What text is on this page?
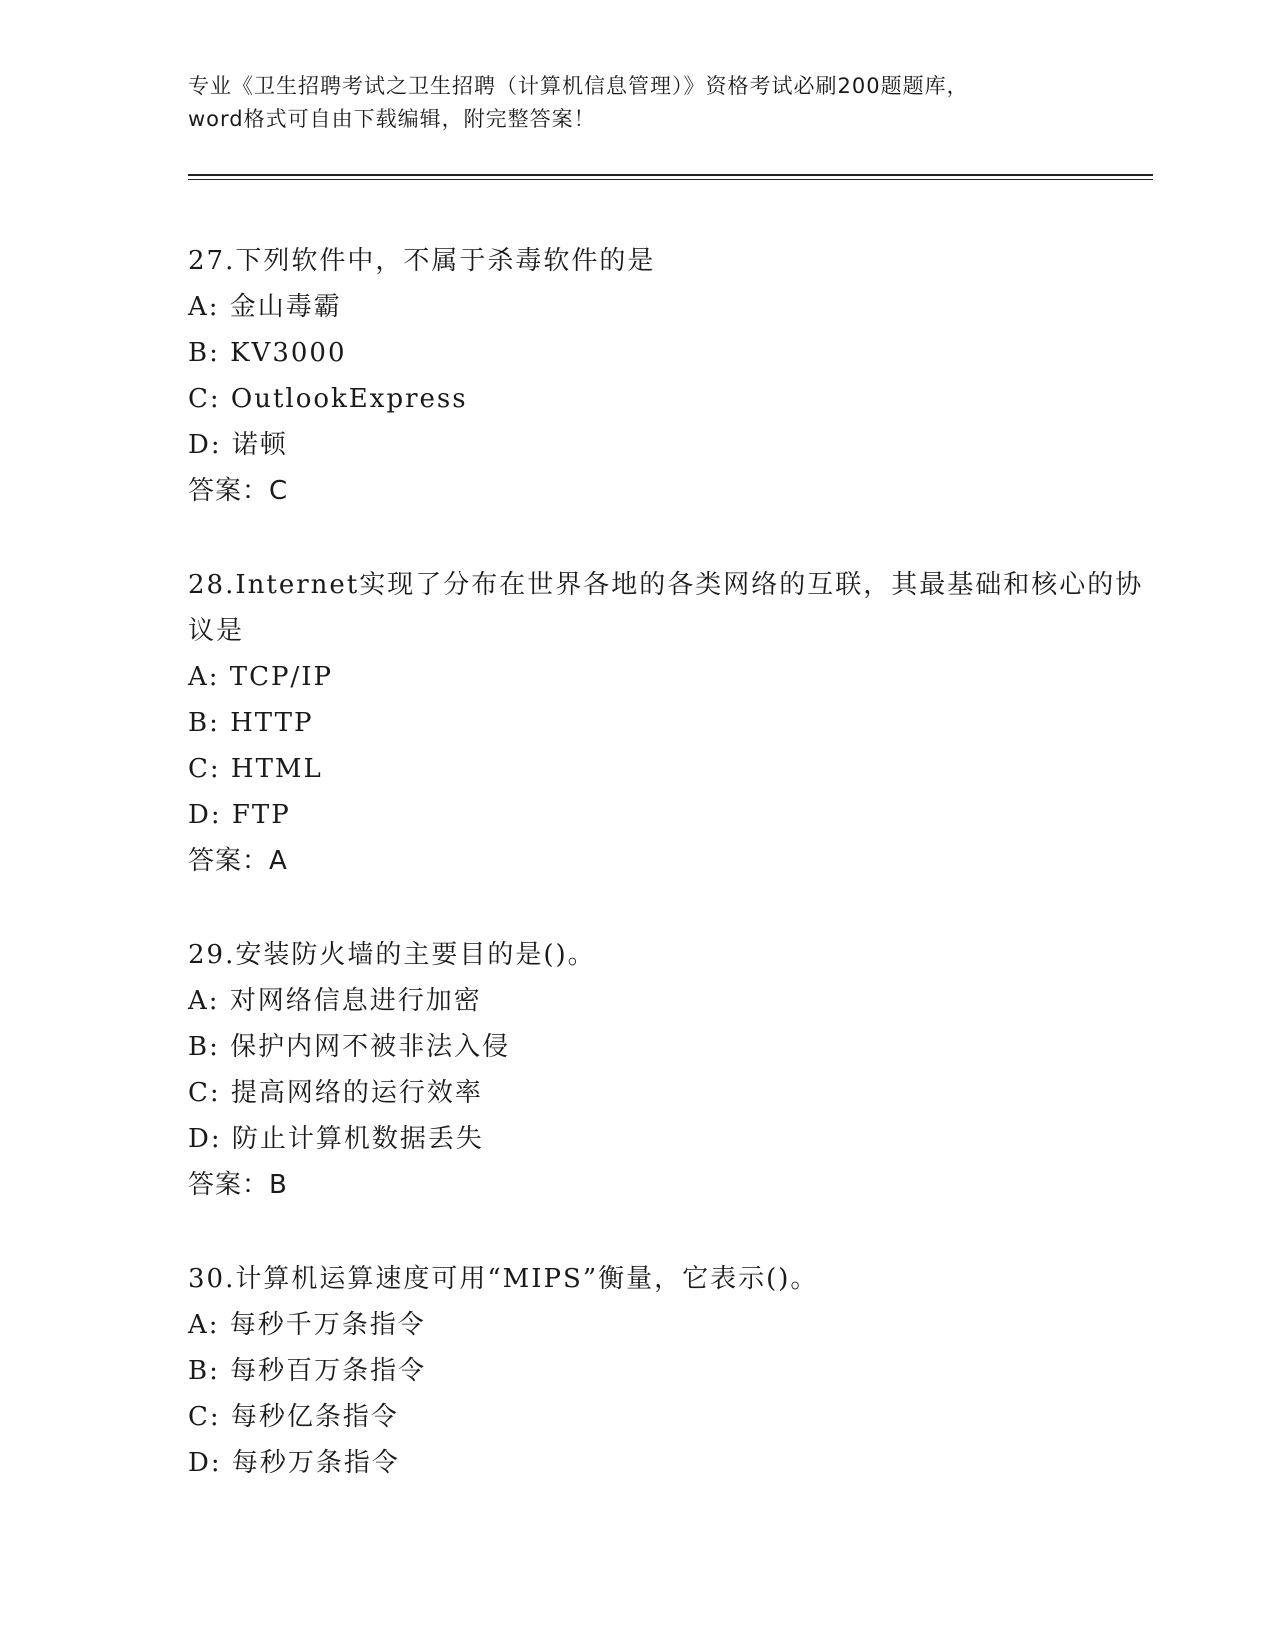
专业《卫生招聘考试之卫生招聘（计算机信息管理）》资格考试必刷200题题库，

word格式可自由下载编辑，附完整答案！

27.下列软件中，不属于杀毒软件的是

A: 金山毒霸

B: KV3000

C: OutlookExpress

D: 诺顿

答案：C

28.Internet实现了分布在世界各地的各类网络的互联，其最基础和核心的协议是

A: TCP/IP

B: HTTP

C: HTML

D: FTP

答案：A

29.安装防火墙的主要目的是()。

A: 对网络信息进行加密

B: 保护内网不被非法入侵

C: 提高网络的运行效率

D: 防止计算机数据丢失

答案：B

30.计算机运算速度可用“MIPS”衡量，它表示()。

A: 每秒千万条指令

B: 每秒百万条指令

C: 每秒亿条指令

D: 每秒万条指令
